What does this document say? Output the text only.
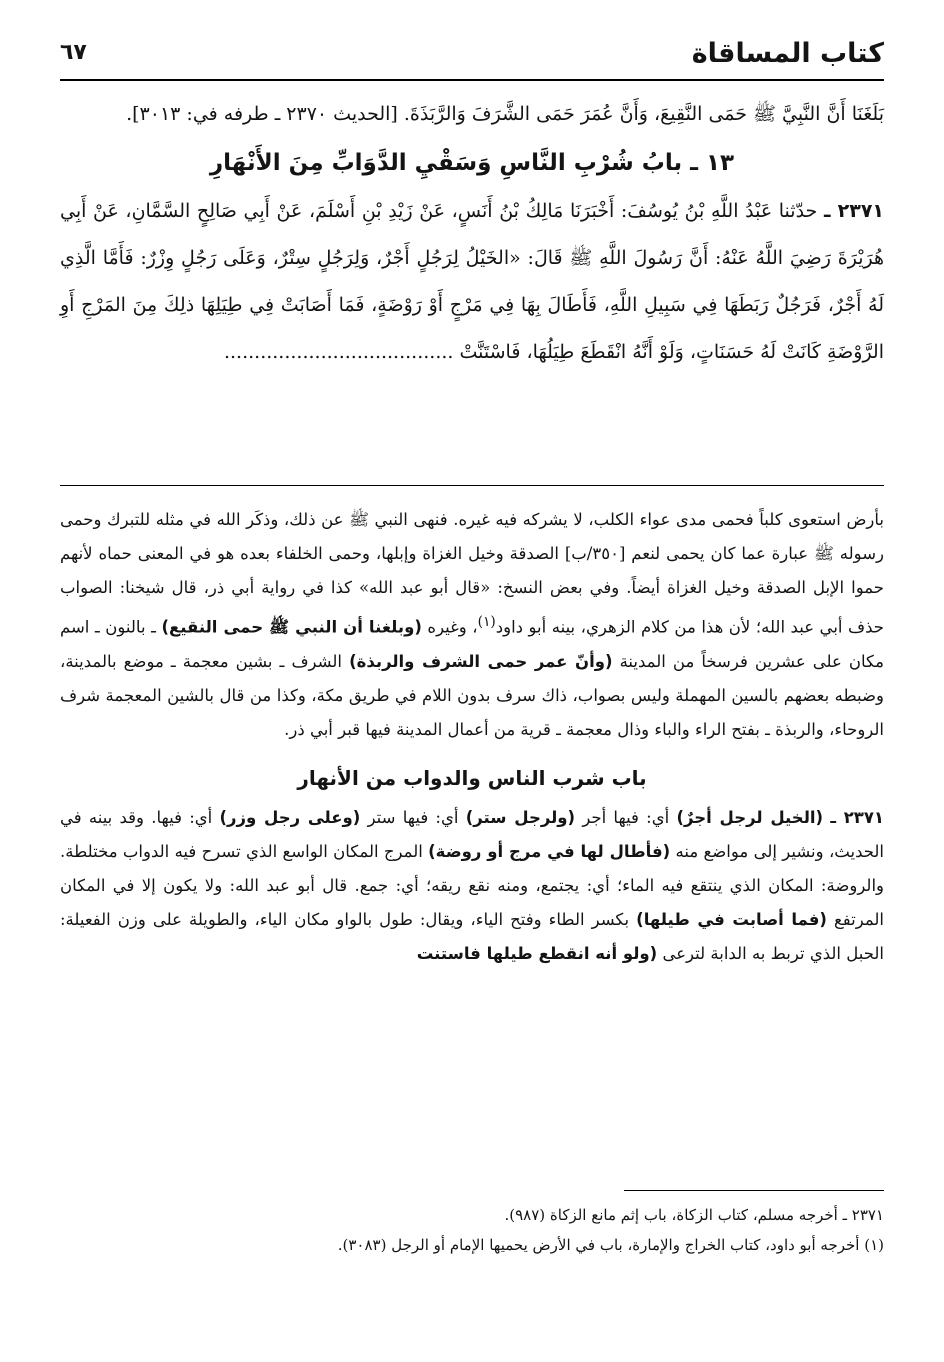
كتاب المساقاة
٦٧

بَلَغَنَا أَنَّ النَّبِيَّ ﷺ حَمَى النَّقِيعَ، وَأَنَّ عُمَرَ حَمَى الشَّرَفَ وَالرَّبَذَةَ. [الحديث ٢٣٧٠ ـ طرفه في: ٣٠١٣].

١٣ ـ بابُ شُرْبِ النَّاسِ وَسَقْيِ الدَّوَابِّ مِنَ الأَنْهَارِ

٢٣٧١ ـ حدّثنا عَبْدُ اللَّهِ بْنُ يُوسُفَ: أَخْبَرَنَا مَالِكُ بْنُ أَنَسٍ، عَنْ زَيْدِ بْنِ أَسْلَمَ، عَنْ أَبِي صَالِحٍ السَّمَّانِ، عَنْ أَبِي هُرَيْرَةَ رَضِيَ اللَّهُ عَنْهُ: أَنَّ رَسُولَ اللَّهِ ﷺ قَالَ: «الخَيْلُ لِرَجُلٍ أَجْرٌ، وَلِرَجُلٍ سِتْرٌ، وَعَلَى رَجُلٍ وِزْرٌ: فَأَمَّا الَّذِي لَهُ أَجْرٌ، فَرَجُلٌ رَبَطَهَا فِي سَبِيلِ اللَّهِ، فَأَطَالَ بِهَا فِي مَرْجٍ أَوْ رَوْضَةٍ، فَمَا أَصَابَتْ فِي طِيَلِهَا ذلِكَ مِنَ المَرْجِ أَوِ الرَّوْضَةِ كَانَتْ لَهُ حَسَنَاتٍ، وَلَوْ أَنَّهُ انْقَطَعَ طِيَلُهَا، فَاسْتَنَّتْ ......................................

بأرض استعوى كلباً فحمى مدى عواء الكلب، لا يشركه فيه غيره. فنهى النبي ﷺ عن ذلك، وذكَر الله في مثله للتبرك وحمى رسوله ﷺ عبارة عما كان يحمى لنعم [٣٥٠/ب] الصدقة وخيل الغزاة وإبلها، وحمى الخلفاء بعده هو في المعنى حماه لأنهم حموا الإبل الصدقة وخيل الغزاة أيضاً. وفي بعض النسخ: «قال أبو عبد الله» كذا في رواية أبي ذر، قال شيخنا: الصواب حذف أبي عبد الله؛ لأن هذا من كلام الزهري، بينه أبو داود$^{(١)}$، وغيره (وبلغنا أن النبي ﷺ حمى النقيع) ـ بالنون ـ اسم مكان على عشرين فرسخاً من المدينة (وأنّ عمر حمى الشرف والربذة) الشرف ـ بشين معجمة ـ موضع بالمدينة، وضبطه بعضهم بالسين المهملة وليس بصواب، ذاك سرف بدون اللام في طريق مكة، وكذا من قال بالشين المعجمة شرف الروحاء، والربذة ـ بفتح الراء والباء وذال معجمة ـ قرية من أعمال المدينة فيها قبر أبي ذر.

باب شرب الناس والدواب من الأنهار

٢٣٧١ ـ (الخيل لرجل أجرٌ) أي: فيها أجر (ولرجل ستر) أي: فيها ستر (وعلى رجل وزر) أي: فيها. وقد بينه في الحديث، ونشير إلى مواضع منه (فأطال لها في مرج أو روضة) المرج المكان الواسع الذي تسرح فيه الدواب مختلطة. والروضة: المكان الذي ينتقع فيه الماء؛ أي: يجتمع، ومنه نقع ريقه؛ أي: جمع. قال أبو عبد الله: ولا يكون إلا في المكان المرتفع (فما أصابت في طيلها) بكسر الطاء وفتح الياء، ويقال: طول بالواو مكان الياء، والطويلة على وزن الفعيلة: الحبل الذي تربط به الدابة لترعى (ولو أنه انقطع طيلها فاستنت

٢٣٧١ ـ أخرجه مسلم، كتاب الزكاة، باب إثم مانع الزكاة (٩٨٧).

(١) أخرجه أبو داود، كتاب الخراج والإمارة، باب في الأرض يحميها الإمام أو الرجل (٣٠٨٣).
